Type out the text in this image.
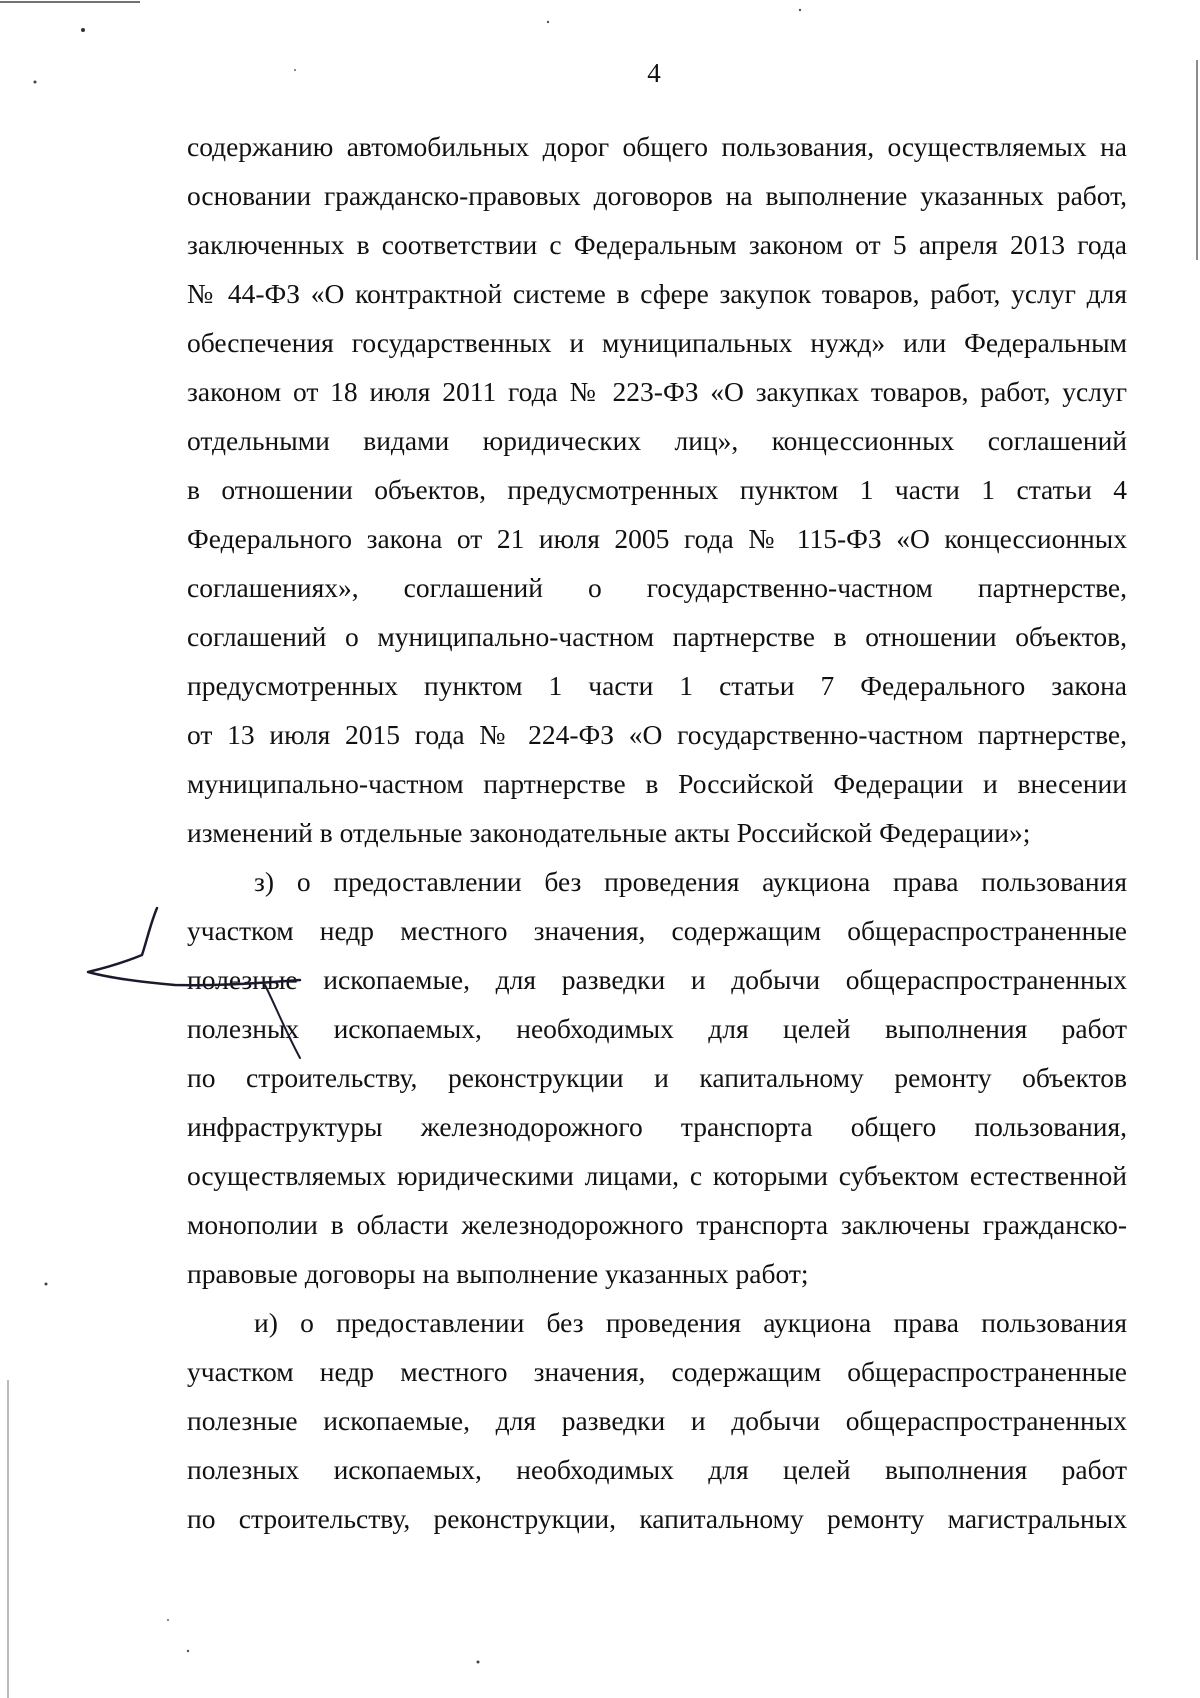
4
содержанию автомобильных дорог общего пользования, осуществляемых на
основании гражданско-правовых договоров на выполнение указанных работ,
заключенных в соответствии с Федеральным законом от 5 апреля 2013 года
№ 44-ФЗ «О контрактной системе в сфере закупок товаров, работ, услуг для
обеспечения государственных и муниципальных нужд» или Федеральным
законом от 18 июля 2011 года № 223-ФЗ «О закупках товаров, работ, услуг
отдельными видами юридических лиц», концессионных соглашений
в отношении объектов, предусмотренных пунктом 1 части 1 статьи 4
Федерального закона от 21 июля 2005 года № 115-ФЗ «О концессионных
соглашениях», соглашений о государственно-частном партнерстве,
соглашений о муниципально-частном партнерстве в отношении объектов,
предусмотренных пунктом 1 части 1 статьи 7 Федерального закона
от 13 июля 2015 года № 224-ФЗ «О государственно-частном партнерстве,
муниципально-частном партнерстве в Российской Федерации и внесении
изменений в отдельные законодательные акты Российской Федерации»;
з) о предоставлении без проведения аукциона права пользования
участком недр местного значения, содержащим общераспространенные
полезные ископаемые, для разведки и добычи общераспространенных
полезных ископаемых, необходимых для целей выполнения работ
по строительству, реконструкции и капитальному ремонту объектов
инфраструктуры железнодорожного транспорта общего пользования,
осуществляемых юридическими лицами, с которыми субъектом естественной
монополии в области железнодорожного транспорта заключены гражданско-
правовые договоры на выполнение указанных работ;
и) о предоставлении без проведения аукциона права пользования
участком недр местного значения, содержащим общераспространенные
полезные ископаемые, для разведки и добычи общераспространенных
полезных ископаемых, необходимых для целей выполнения работ
по строительству, реконструкции, капитальному ремонту магистральных
